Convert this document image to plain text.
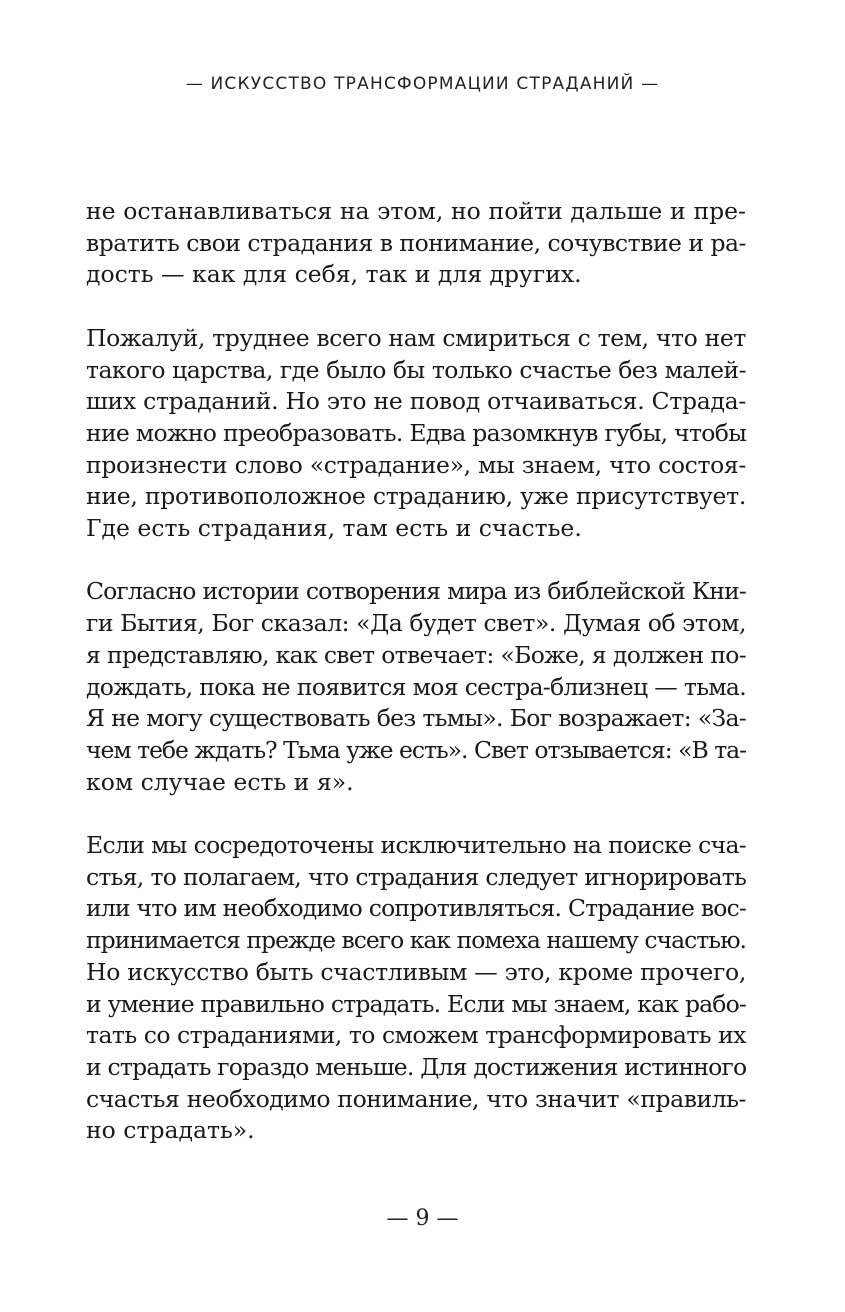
— ИСКУССТВО ТРАНСФОРМАЦИИ СТРАДАНИЙ —
не останавливаться на этом, но пойти дальше и пре-
вратить свои страдания в понимание, сочувствие и ра-
дость — как для себя, так и для других.
Пожалуй, труднее всего нам смириться с тем, что нет
такого царства, где было бы только счастье без малей-
ших страданий. Но это не повод отчаиваться. Страда-
ние можно преобразовать. Едва разомкнув губы, чтобы
произнести слово «страдание», мы знаем, что состоя-
ние, противоположное страданию, уже присутствует.
Где есть страдания, там есть и счастье.
Согласно истории сотворения мира из библейской Кни-
ги Бытия, Бог сказал: «Да будет свет». Думая об этом,
я представляю, как свет отвечает: «Боже, я должен по-
дождать, пока не появится моя сестра-близнец — тьма.
Я не могу существовать без тьмы». Бог возражает: «За-
чем тебе ждать? Тьма уже есть». Свет отзывается: «В та-
ком случае есть и я».
Если мы сосредоточены исключительно на поиске сча-
стья, то полагаем, что страдания следует игнорировать
или что им необходимо сопротивляться. Страдание вос-
принимается прежде всего как помеха нашему счастью.
Но искусство быть счастливым — это, кроме прочего,
и умение правильно страдать. Если мы знаем, как рабо-
тать со страданиями, то сможем трансформировать их
и страдать гораздо меньше. Для достижения истинного
счастья необходимо понимание, что значит «правиль-
но страдать».
— 9 —
